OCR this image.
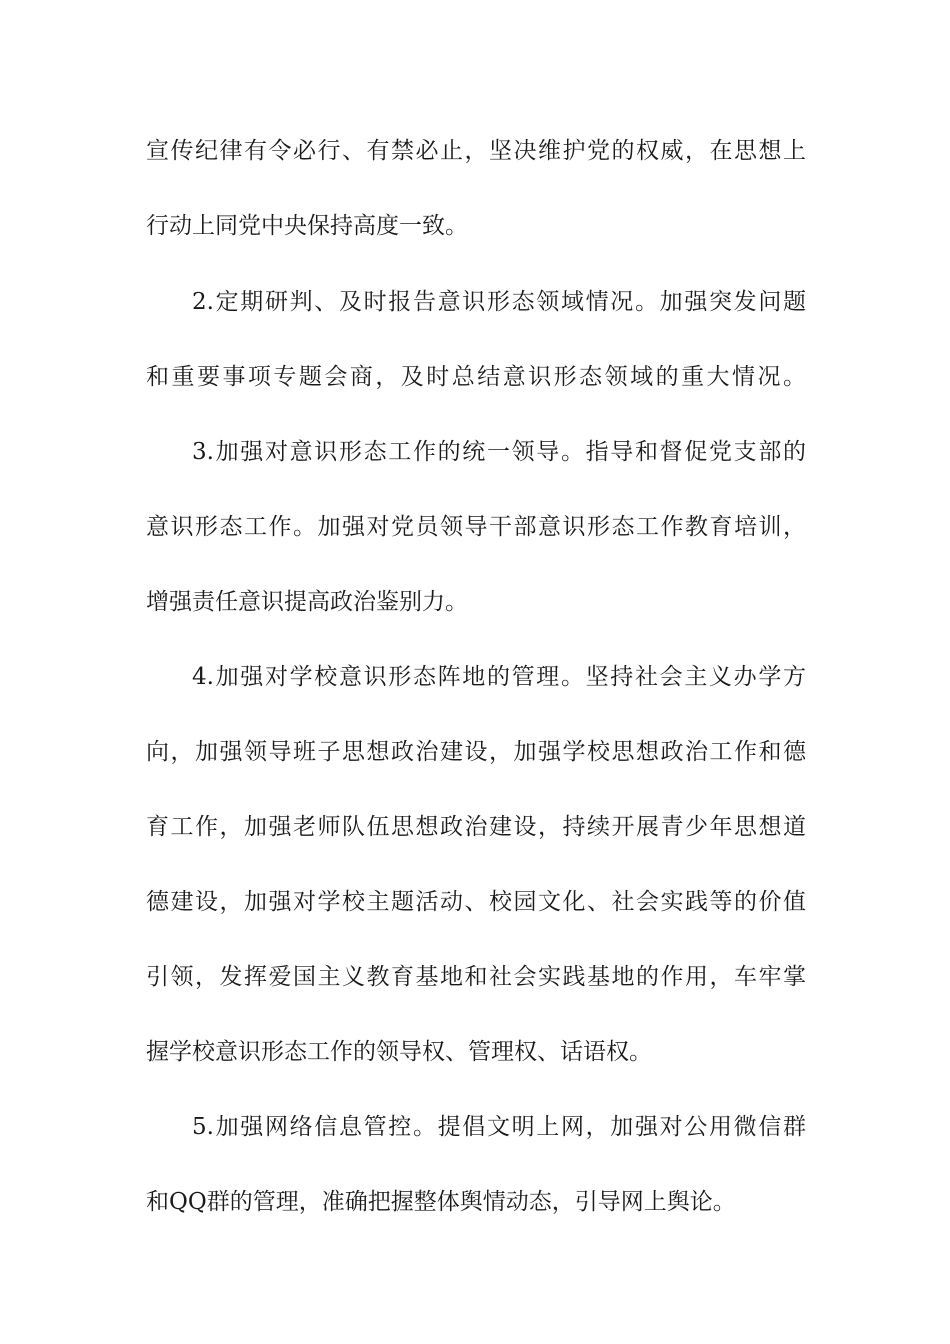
宣传纪律有令必行、有禁必止，坚决维护党的权威，在思想上
行动上同党中央保持高度一致。
2.定期研判、及时报告意识形态领域情况。加强突发问题
和重要事项专题会商，及时总结意识形态领域的重大情况。
3.加强对意识形态工作的统一领导。指导和督促党支部的
意识形态工作。加强对党员领导干部意识形态工作教育培训，
增强责任意识提高政治鉴别力。
4.加强对学校意识形态阵地的管理。坚持社会主义办学方
向，加强领导班子思想政治建设，加强学校思想政治工作和德
育工作，加强老师队伍思想政治建设，持续开展青少年思想道
德建设，加强对学校主题活动、校园文化、社会实践等的价值
引领，发挥爱国主义教育基地和社会实践基地的作用，车牢掌
握学校意识形态工作的领导权、管理权、话语权。
5.加强网络信息管控。提倡文明上网，加强对公用微信群
和QQ群的管理，准确把握整体舆情动态，引导网上舆论。
